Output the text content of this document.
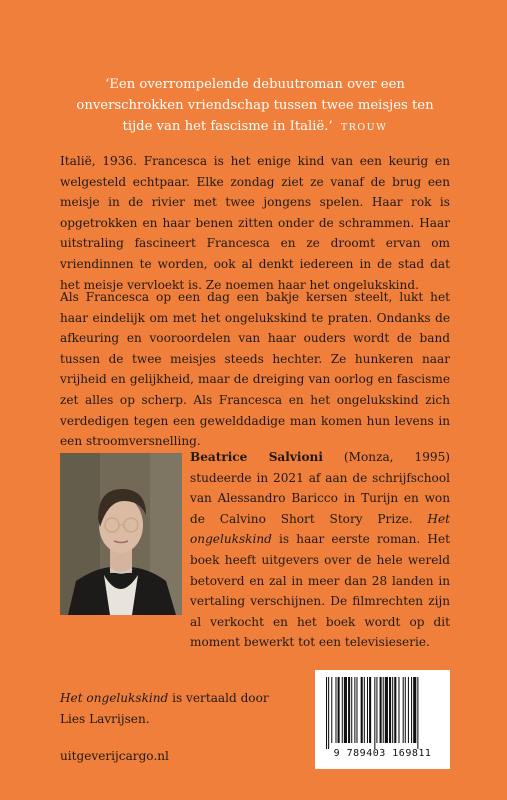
‘Een overrompelende debuutroman over een onverschrokken vriendschap tussen twee meisjes ten tijde van het fascisme in Italië.’ TROUW

Italië, 1936. Francesca is het enige kind van een keurig en welgesteld echtpaar. Elke zondag ziet ze vanaf de brug een meisje in de rivier met twee jongens spelen. Haar rok is opgetrokken en haar benen zitten onder de schrammen. Haar uitstraling fascineert Francesca en ze droomt ervan om vriendinnen te worden, ook al denkt iedereen in de stad dat het meisje vervloekt is. Ze noemen haar het ongelukskind.

Als Francesca op een dag een bakje kersen steelt, lukt het haar eindelijk om met het ongelukskind te praten. Ondanks de afkeuring en vooroordelen van haar ouders wordt de band tussen de twee meisjes steeds hechter. Ze hunkeren naar vrijheid en gelijkheid, maar de dreiging van oorlog en fascisme zet alles op scherp. Als Francesca en het ongelukskind zich verdedigen tegen een gewelddadige man komen hun levens in een stroomversnelling.

Beatrice Salvioni (Monza, 1995) studeerde in 2021 af aan de schrijfschool van Alessandro Baricco in Turijn en won de Calvino Short Story Prize. Het ongelukskind is haar eerste roman. Het boek heeft uitgevers over de hele wereld betoverd en zal in meer dan 28 landen in vertaling verschijnen. De filmrechten zijn al verkocht en het boek wordt op dit moment bewerkt tot een televisieserie.

Het ongelukskind is vertaald door Lies Lavrijsen.
uitgeverijcargo.nl	9 789403 169811
